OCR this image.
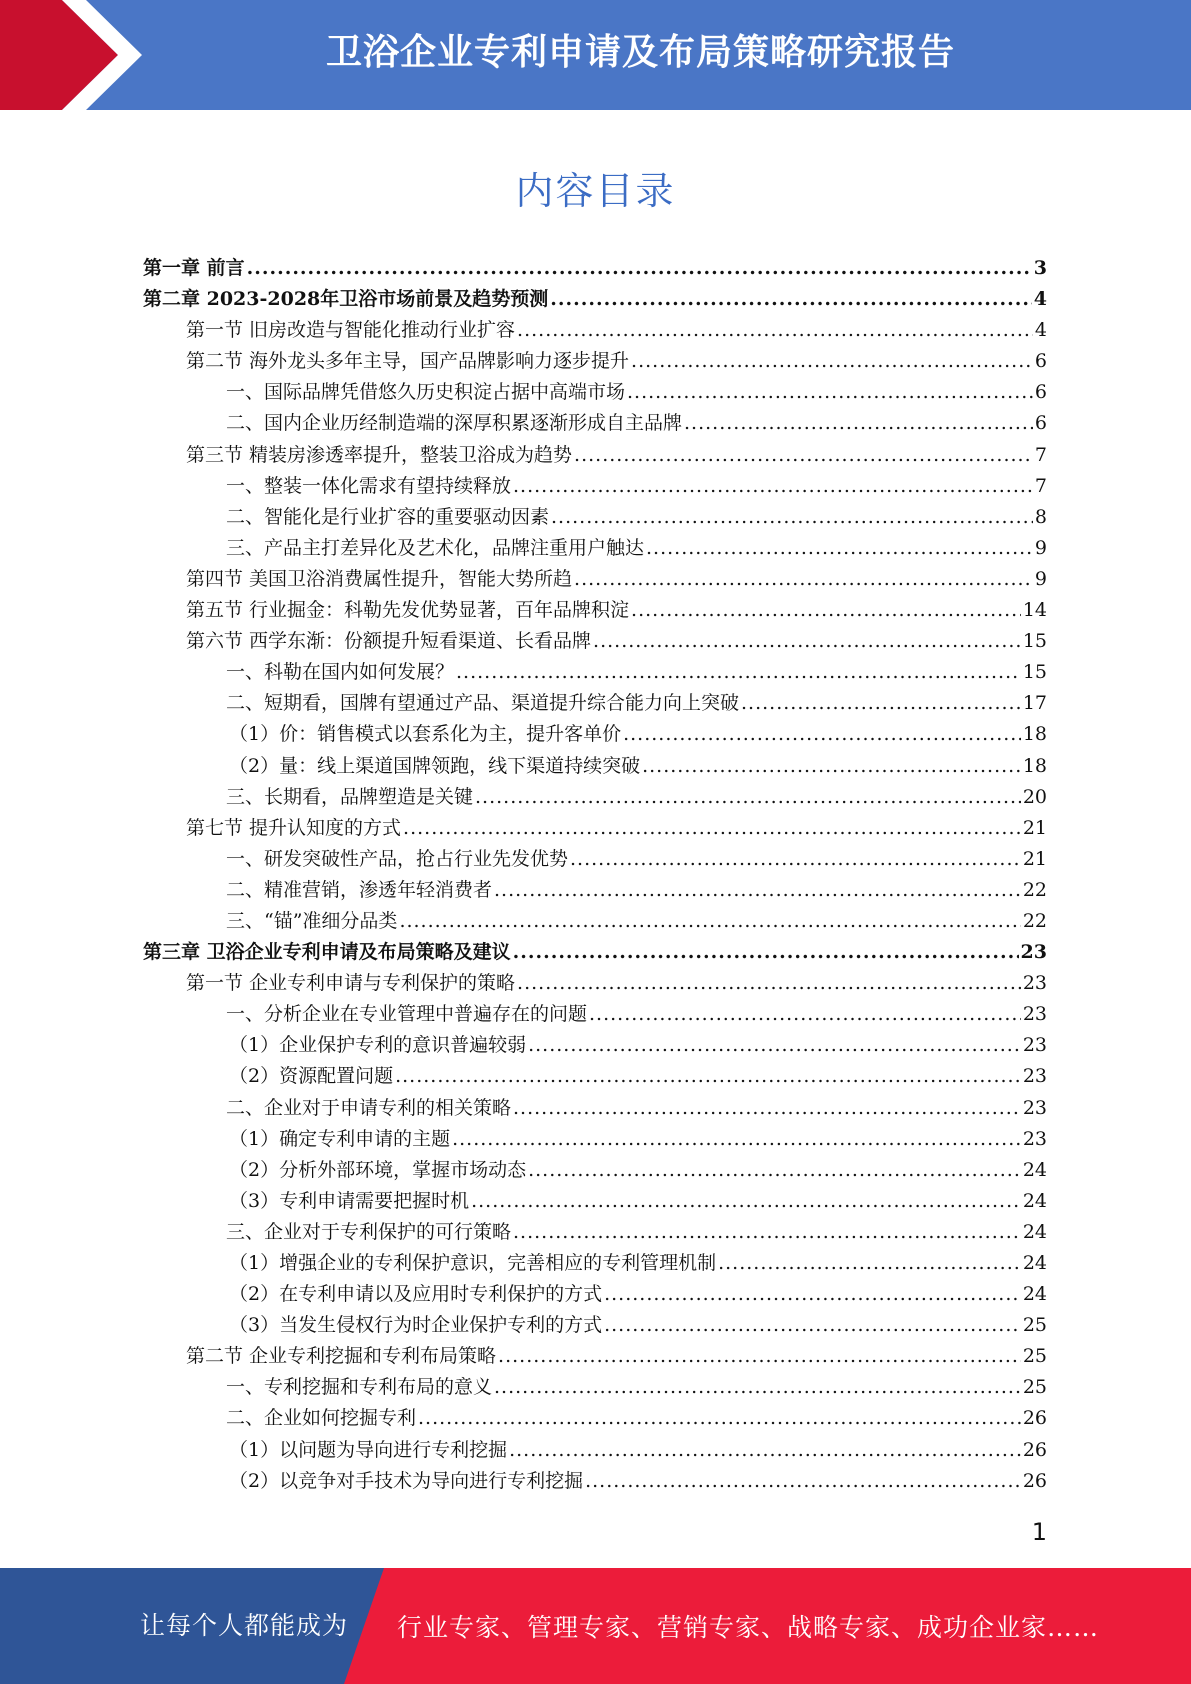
卫浴企业专利申请及布局策略研究报告
内容目录
第一章 前言 .....	3
第二章 2023-2028年卫浴市场前景及趋势预测 .....	4
第一节 旧房改造与智能化推动行业扩容 .....	4
第二节 海外龙头多年主导，国产品牌影响力逐步提升 .....	6
一、国际品牌凭借悠久历史积淀占据中高端市场 .....	6
二、国内企业历经制造端的深厚积累逐渐形成自主品牌 .....	6
第三节 精装房渗透率提升，整装卫浴成为趋势 .....	7
一、整装一体化需求有望持续释放 .....	7
二、智能化是行业扩容的重要驱动因素 .....	8
三、产品主打差异化及艺术化，品牌注重用户触达 .....	9
第四节 美国卫浴消费属性提升，智能大势所趋 .....	9
第五节 行业掘金：科勒先发优势显著，百年品牌积淀 .....	14
第六节 西学东渐：份额提升短看渠道、长看品牌 .....	15
一、科勒在国内如何发展？ .....	15
二、短期看，国牌有望通过产品、渠道提升综合能力向上突破 .....	17
（1）价：销售模式以套系化为主，提升客单价 .....	18
（2）量：线上渠道国牌领跑，线下渠道持续突破 .....	18
三、长期看，品牌塑造是关键 .....	20
第七节 提升认知度的方式 .....	21
一、研发突破性产品，抢占行业先发优势 .....	21
二、精准营销，渗透年轻消费者 .....	22
三、“锚”准细分品类 .....	22
第三章 卫浴企业专利申请及布局策略及建议 .....	23
第一节 企业专利申请与专利保护的策略 .....	23
一、分析企业在专业管理中普遍存在的问题 .....	23
（1）企业保护专利的意识普遍较弱 .....	23
（2）资源配置问题 .....	23
二、企业对于申请专利的相关策略 .....	23
（1）确定专利申请的主题 .....	23
（2）分析外部环境，掌握市场动态 .....	24
（3）专利申请需要把握时机 .....	24
三、企业对于专利保护的可行策略 .....	24
（1）增强企业的专利保护意识，完善相应的专利管理机制 .....	24
（2）在专利申请以及应用时专利保护的方式 .....	24
（3）当发生侵权行为时企业保护专利的方式 .....	25
第二节 企业专利挖掘和专利布局策略 .....	25
一、专利挖掘和专利布局的意义 .....	25
二、企业如何挖掘专利 .....	26
（1）以问题为导向进行专利挖掘 .....	26
（2）以竞争对手技术为导向进行专利挖掘 .....	26
1
让每个人都能成为 行业专家、管理专家、营销专家、战略专家、成功企业家……
